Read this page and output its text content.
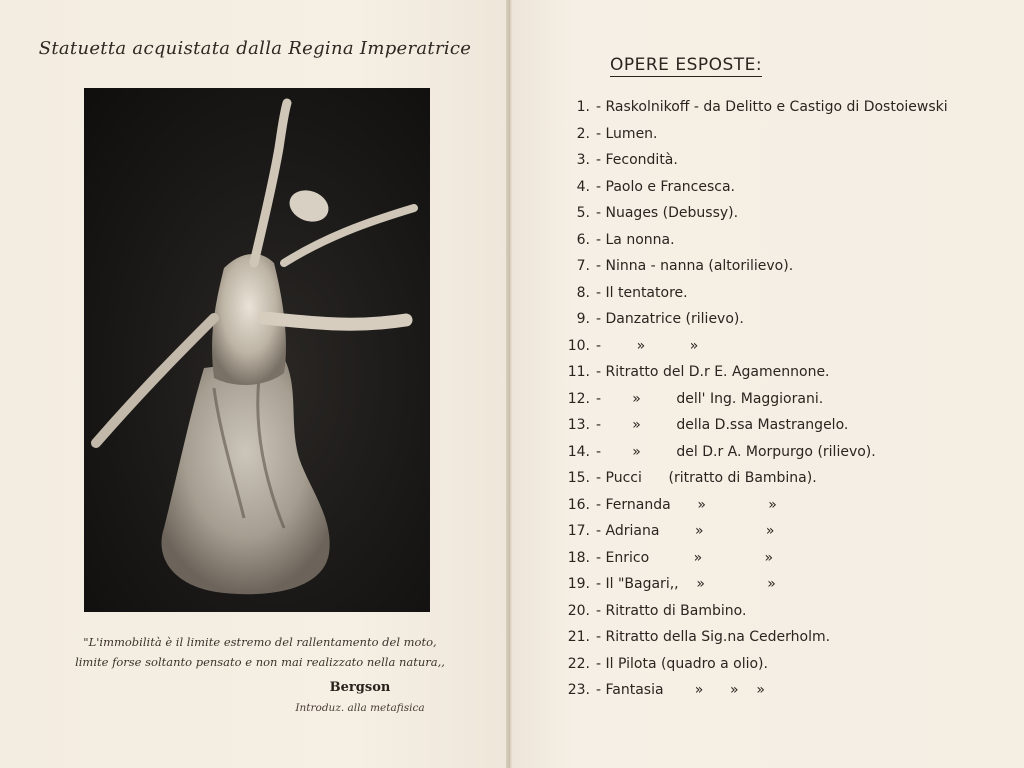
Statuetta acquistata dalla Regina Imperatrice
"L'immobilità è il limite estremo del rallentamento del moto,
limite forse soltanto pensato e non mai realizzato nella natura,,
Bergson
Introduz. alla metafisica
OPERE ESPOSTE:
1. - Raskolnikoff - da Delitto e Castigo di Dostoiewski
2. - Lumen.
3. - Fecondità.
4. - Paolo e Francesca.
5. - Nuages (Debussy).
6. - La nonna.
7. - Ninna - nanna (altorilievo).
8. - Il tentatore.
9. - Danzatrice (rilievo).
10. -        »          »
11. - Ritratto del D.r E. Agamennone.
12. -       »        dell' Ing. Maggiorani.
13. -       »        della D.ssa Mastrangelo.
14. -       »        del D.r A. Morpurgo (rilievo).
15. - Pucci      (ritratto di Bambina).
16. - Fernanda      »              »
17. - Adriana        »              »
18. - Enrico          »              »
19. - Il "Bagari,,    »              »
20. - Ritratto di Bambino.
21. - Ritratto della Sig.na Cederholm.
22. - Il Pilota (quadro a olio).
23. - Fantasia       »      »    »
